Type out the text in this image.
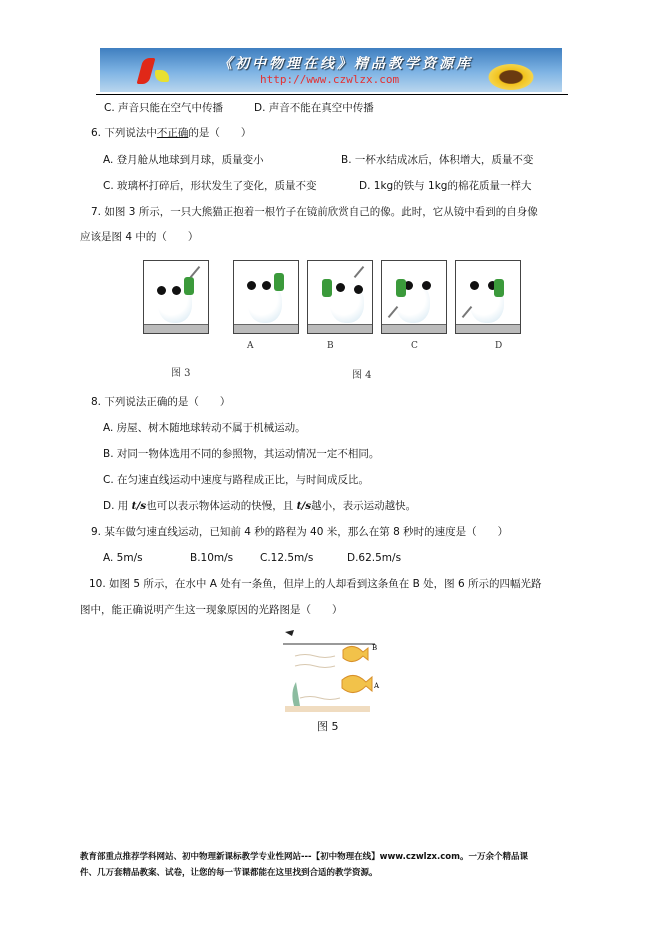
《初中物理在线》精品教学资源库
http://www.czwlzx.com
C. 声音只能在空气中传播	D. 声音不能在真空中传播
6. 下列说法中不正确的是（　　）
A. 登月舱从地球到月球，质量变小	B. 一杯水结成冰后，体积增大，质量不变
C. 玻璃杯打碎后，形状发生了变化，质量不变	D. 1kg的铁与 1kg的棉花质量一样大
7. 如图 3 所示，一只大熊猫正抱着一根竹子在镜前欣赏自己的像。此时，它从镜中看到的自身像
应该是图 4 中的（　　）
A	B	C	D
图 3	图 4
8. 下列说法正确的是（　　）
A. 房屋、树木随地球转动不属于机械运动。
B. 对同一物体选用不同的参照物，其运动情况一定不相同。
C. 在匀速直线运动中速度与路程成正比，与时间成反比。
D. 用 t/s也可以表示物体运动的快慢，且 t/s越小，表示运动越快。
9. 某车做匀速直线运动，已知前 4 秒的路程为 40 米，那么在第 8 秒时的速度是（　　）
A. 5m/s	B.10m/s	C.12.5m/s	D.62.5m/s
10. 如图 5 所示，在水中 A 处有一条鱼，但岸上的人却看到这条鱼在 B 处，图 6 所示的四幅光路
图中，能正确说明产生这一现象原因的光路图是（　　）
B
A
图 5
教育部重点推荐学科网站、初中物理新课标教学专业性网站---【初中物理在线】www.czwlzx.com。一万余个精品课
件、几万套精品教案、试卷，让您的每一节课都能在这里找到合适的教学资源。
